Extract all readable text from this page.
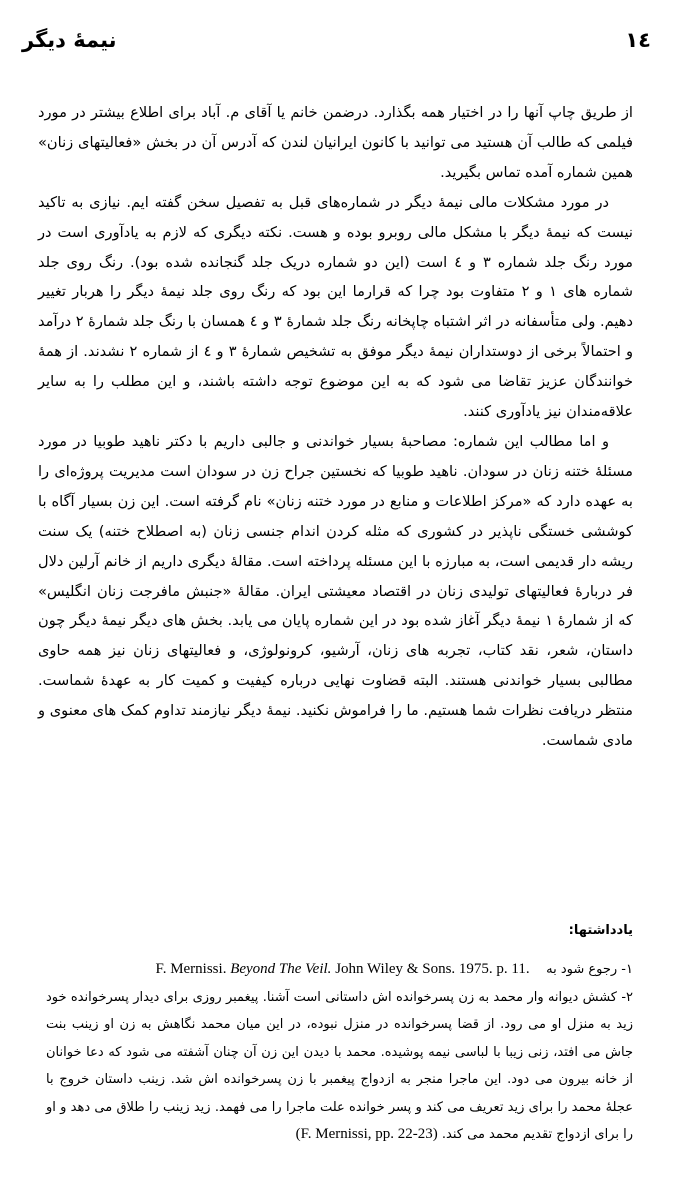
نیمهٔ دیگر	١٤

از طریق چاپ آنها را در اختیار همه بگذارد. درضمن خانم یا آقای م. آباد برای اطلاع بیشتر در مورد فیلمی که طالب آن هستید می توانید با کانون ایرانیان لندن که آدرس آن در بخش «فعالیتهای زنان» همین شماره آمده تماس بگیرید.

در مورد مشکلات مالی نیمهٔ دیگر در شماره‌های قبل به تفصیل سخن گفته ایم. نیازی به تاکید نیست که نیمهٔ دیگر با مشکل مالی روبرو بوده و هست. نکته دیگری که لازم به یادآوری است در مورد رنگ جلد شماره ۳ و ٤ است (این دو شماره دریک جلد گنجانده شده بود). رنگ روی جلد شماره های ۱ و ۲ متفاوت بود چرا که قرارما این بود که رنگ روی جلد نیمهٔ دیگر را هربار تغییر دهیم. ولی متأسفانه در اثر اشتباه چاپخانه رنگ جلد شمارهٔ ۳ و ٤ همسان با رنگ جلد شمارهٔ ۲ درآمد و احتمالاً برخی از دوستداران نیمهٔ دیگر موفق به تشخیص شمارهٔ ۳ و ٤ از شماره ۲ نشدند. از همهٔ خوانندگان عزیز تقاضا می شود که به این موضوع توجه داشته باشند، و این مطلب را به سایر علاقه‌مندان نیز یادآوری کنند.

و اما مطالب این شماره: مصاحبهٔ بسیار خواندنی و جالبی داریم با دکتر ناهید طوبیا در مورد مسئلهٔ ختنه زنان در سودان. ناهید طوبیا که نخستین جراح زن در سودان است مدیریت پروژه‌ای را به عهده دارد که «مرکز اطلاعات و منابع در مورد ختنه زنان» نام گرفته است. این زن بسیار آگاه با کوششی خستگی ناپذیر در کشوری که مثله کردن اندام جنسی زنان (به اصطلاح ختنه) یک سنت ریشه دار قدیمی است، به مبارزه با این مسئله پرداخته است. مقالهٔ دیگری داریم از خانم آرلین دلال فر دربارهٔ فعالیتهای تولیدی زنان در اقتصاد معیشتی ایران. مقالهٔ «جنبش مافرجت زنان انگلیس» که از شمارهٔ ۱ نیمهٔ دیگر آغاز شده بود در این شماره پایان می یابد. بخش های دیگر نیمهٔ دیگر چون داستان، شعر، نقد کتاب، تجربه های زنان، آرشیو، کرونولوژی، و فعالیتهای زنان نیز همه حاوی مطالبی بسیار خواندنی هستند. البته قضاوت نهایی درباره کیفیت و کمیت کار به عهدهٔ شماست. منتظر دریافت نظرات شما هستیم. ما را فراموش نکنید. نیمهٔ دیگر نیازمند تداوم کمک های معنوی و مادی شماست.

یادداشتها:

۱- رجوع شود به    F. Mernissi. Beyond The Veil. John Wiley & Sons. 1975. p. 11.

۲- کشش دیوانه وار محمد به زن پسرخوانده اش داستانی است آشنا. پیغمبر روزی برای دیدار پسرخوانده خود زید به منزل او می رود. از قضا پسرخوانده در منزل نبوده، در این میان محمد نگاهش به زن او زینب بنت جاش می افتد، زنی زیبا با لباسی نیمه پوشیده. محمد با دیدن این زن آن چنان آشفته می شود که دعا خوانان از خانه بیرون می دود. این ماجرا منجر به ازدواج پیغمبر با زن پسرخوانده اش شد. زینب داستان خروج با عجلهٔ محمد را برای زید تعریف می کند و پسر خوانده علت ماجرا را می فهمد. زید زینب را طلاق می دهد و او را برای ازدواج تقدیم محمد می کند. (F. Mernissi, pp. 22-23)
